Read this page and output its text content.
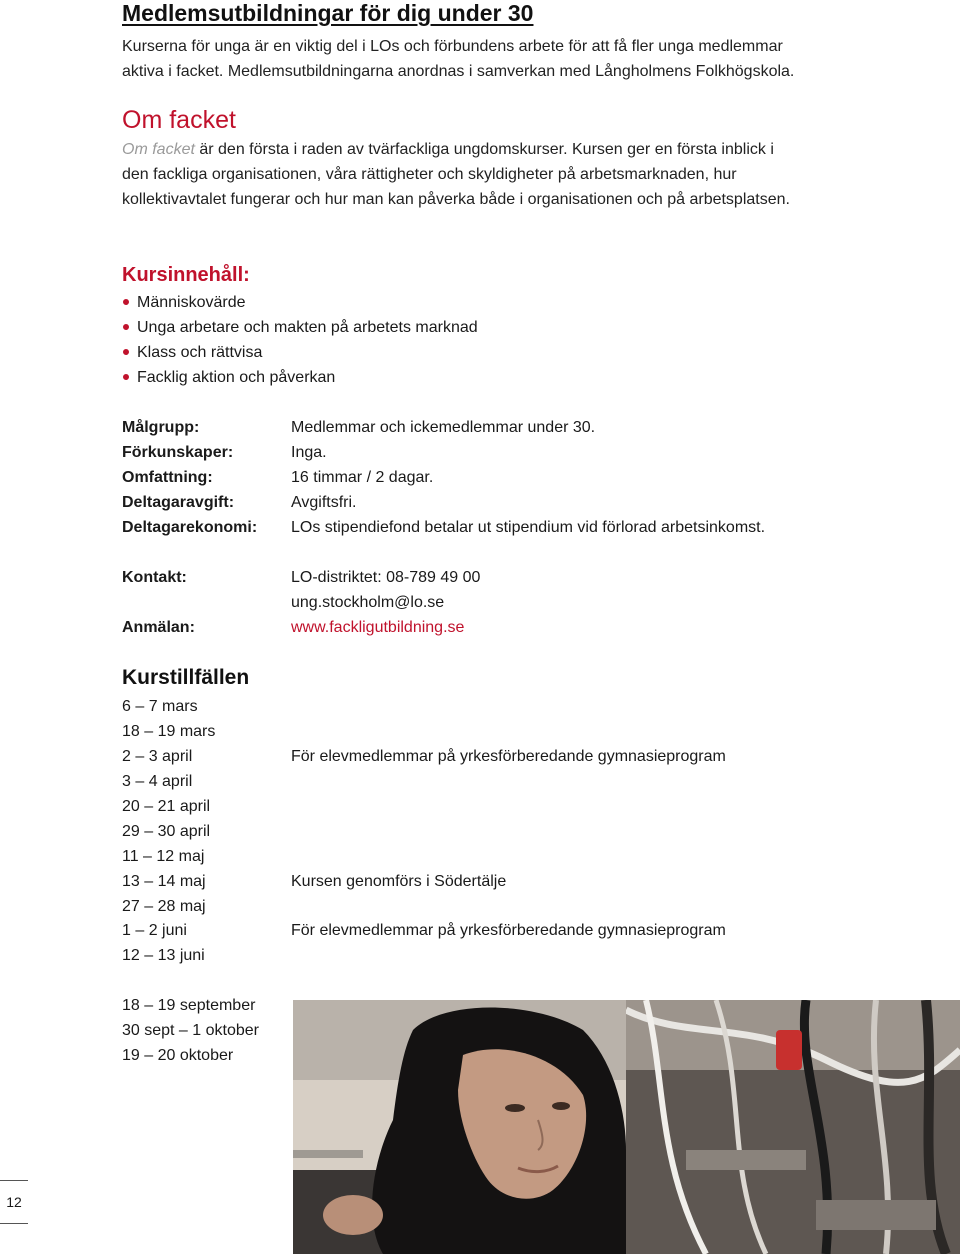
Medlemsutbildningar för dig under 30
Kurserna för unga är en viktig del i LOs och förbundens arbete för att få fler unga medlemmar aktiva i facket. Medlemsutbildningarna anordnas i samverkan med Långholmens Folkhögskola.
Om facket
Om facket är den första i raden av tvärfackliga ungdomskurser. Kursen ger en första inblick i den fackliga organisationen, våra rättigheter och skyldigheter på arbetsmarknaden, hur kollektivavtalet fungerar och hur man kan påverka både i organisationen och på arbetsplatsen.
Kursinnehåll:
Människovärde
Unga arbetare och makten på arbetets marknad
Klass och rättvisa
Facklig aktion och påverkan
Målgrupp:	Medlemmar och ickemedlemmar under 30.
Förkunskaper:	Inga.
Omfattning:	16 timmar / 2 dagar.
Deltagaravgift:	Avgiftsfri.
Deltagarekonomi: LOs stipendiefond betalar ut stipendium vid förlorad arbetsinkomst.
Kontakt:	LO-distriktet: 08-789 49 00
ung.stockholm@lo.se
Anmälan:	www.fackligutbildning.se
Kurstillfällen
6 – 7 mars
18 – 19 mars
2 – 3 april	För elevmedlemmar på yrkesförberedande gymnasieprogram
3 – 4 april
20 – 21 april
29 – 30 april
11 – 12 maj
13 – 14 maj	Kursen genomförs i Södertälje
27 – 28 maj
1 – 2 juni	För elevmedlemmar på yrkesförberedande gymnasieprogram
12 – 13 juni
18 – 19 september
30 sept – 1 oktober
19 – 20 oktober
12
